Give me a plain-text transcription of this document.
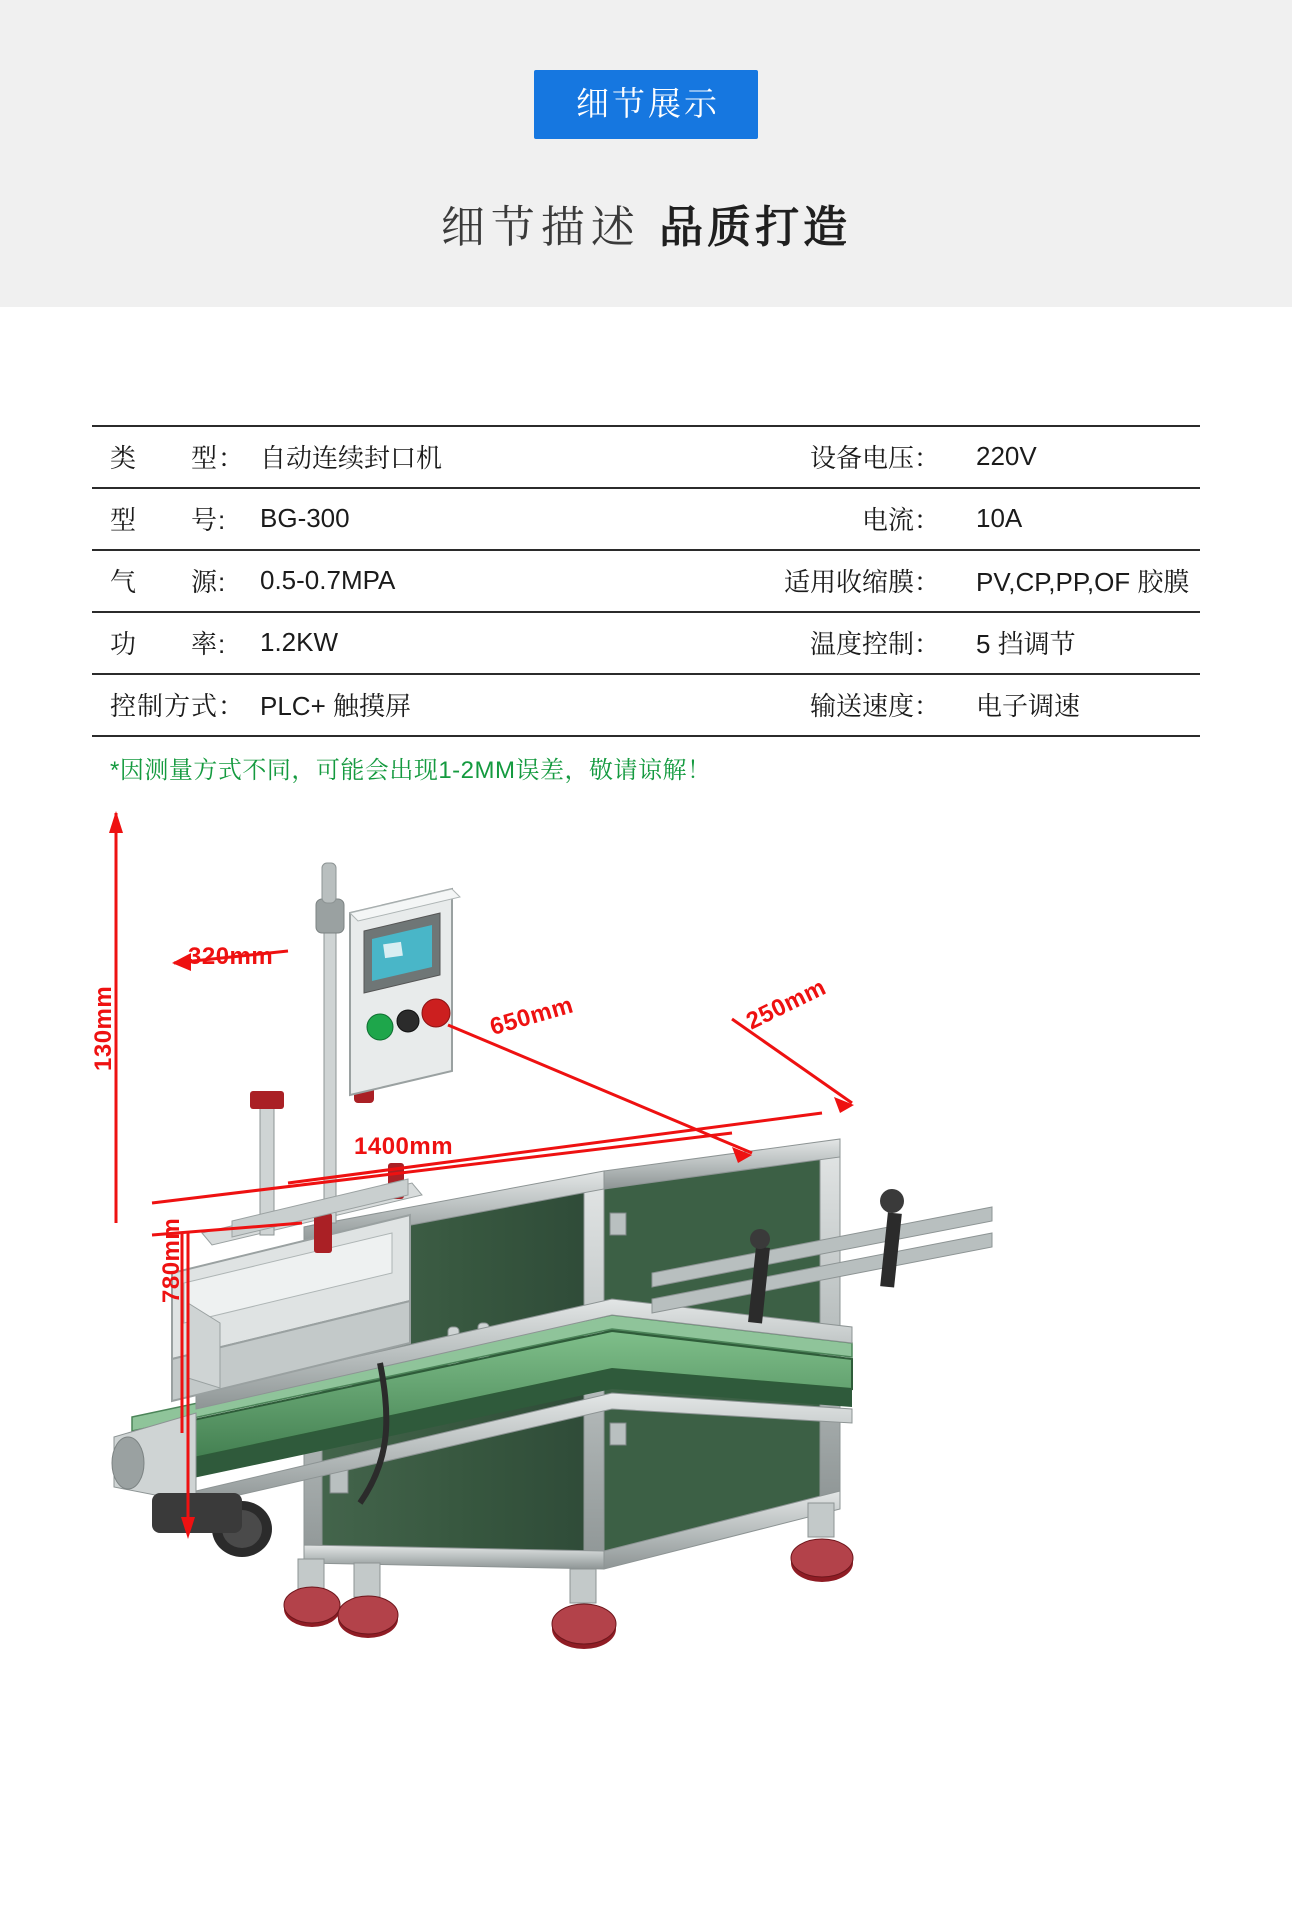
细节展示
细节描述 品质打造
类　　型：	自动连续封口机	设备电压：	220V
型　　号:	BG-300	电流：	10A
气　　源:	0.5-0.7MPA	适用收缩膜：	PV,CP,PP,OF 胶膜
功　　率:	1.2KW	温度控制：	5 挡调节
控制方式：	PLC+ 触摸屏	输送速度：	电子调速
*因测量方式不同，可能会出现1-2MM误差，敬请谅解！
130mm
780mm
320mm
650mm	250mm
1400mm
